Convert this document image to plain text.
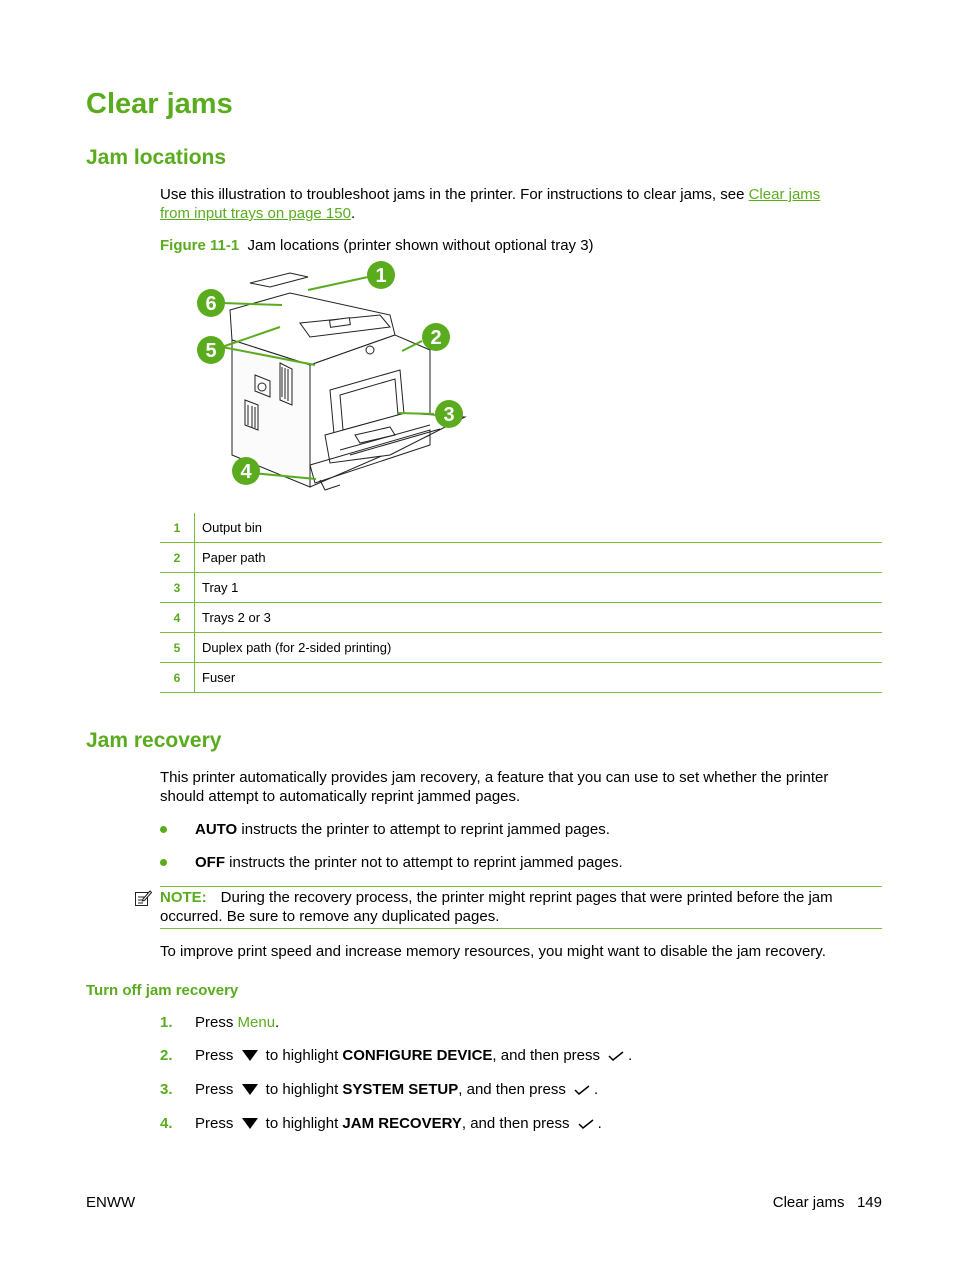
Clear jams
Jam locations

Use this illustration to troubleshoot jams in the printer. For instructions to clear jams, see Clear jams
from input trays on page 150.

Figure 11-1 Jam locations (printer shown without optional tray 3)
1
2
3
4
5
6
1	Output bin
2	Paper path
3	Tray 1
4	Trays 2 or 3
5	Duplex path (for 2-sided printing)
6	Fuser
Jam recovery

This printer automatically provides jam recovery, a feature that you can use to set whether the printer
should attempt to automatically reprint jammed pages.

AUTO instructs the printer to attempt to reprint jammed pages.
OFF instructs the printer not to attempt to reprint jammed pages.
NOTE: During the recovery process, the printer might reprint pages that were printed before the jam
occurred. Be sure to remove any duplicated pages.

To improve print speed and increase memory resources, you might want to disable the jam recovery.

Turn off jam recovery
1. Press Menu.
2. Press  to highlight CONFIGURE DEVICE, and then press .
3. Press  to highlight SYSTEM SETUP, and then press .
4. Press  to highlight JAM RECOVERY, and then press .
ENWW	Clear jams 149
